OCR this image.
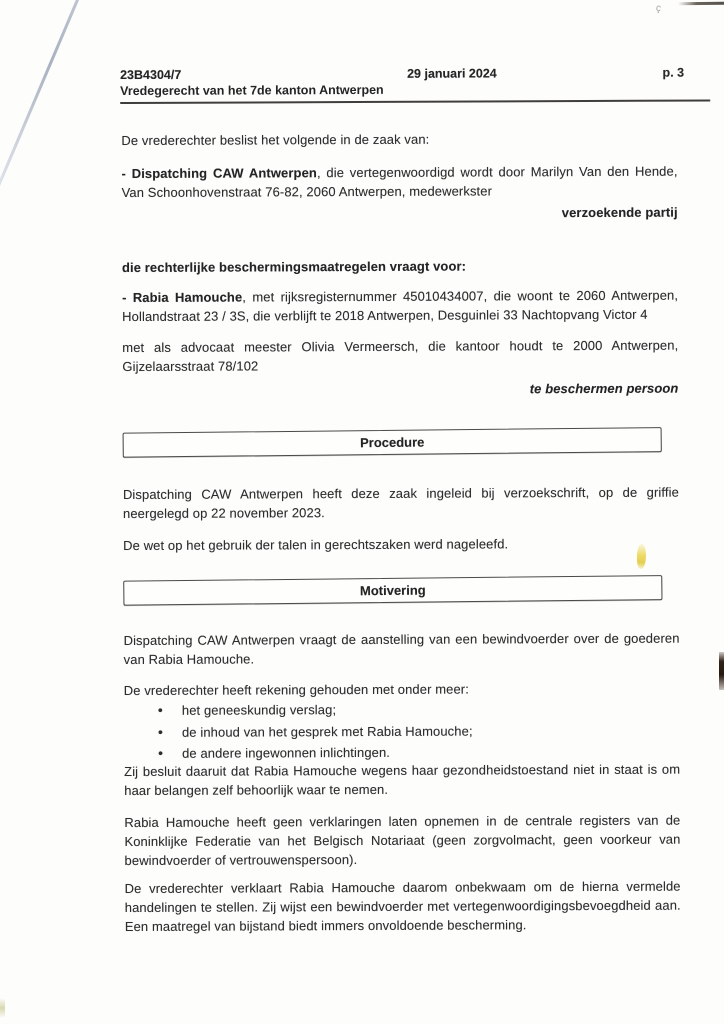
ç
23B4304/7	29 januari 2024	p. 3
Vredegerecht van het 7de kanton Antwerpen
De vrederechter beslist het volgende in de zaak van:
- Dispatching CAW Antwerpen, die vertegenwoordigd wordt door Marilyn Van den Hende, Van Schoonhovenstraat 76-82, 2060 Antwerpen, medewerkster
verzoekende partij
die rechterlijke beschermingsmaatregelen vraagt voor:
- Rabia Hamouche, met rijksregisternummer 45010434007, die woont te 2060 Antwerpen, Hollandstraat 23 / 3S, die verblijft te 2018 Antwerpen, Desguinlei 33 Nachtopvang Victor 4
met als advocaat meester Olivia Vermeersch, die kantoor houdt te 2000 Antwerpen, Gijzelaarsstraat 78/102
te beschermen persoon
Procedure
Dispatching CAW Antwerpen heeft deze zaak ingeleid bij verzoekschrift, op de griffie neergelegd op 22 november 2023.
De wet op het gebruik der talen in gerechtszaken werd nageleefd.
Motivering
Dispatching CAW Antwerpen vraagt de aanstelling van een bewindvoerder over de goederen van Rabia Hamouche.
De vrederechter heeft rekening gehouden met onder meer:
• het geneeskundig verslag;
• de inhoud van het gesprek met Rabia Hamouche;
• de andere ingewonnen inlichtingen.
Zij besluit daaruit dat Rabia Hamouche wegens haar gezondheidstoestand niet in staat is om haar belangen zelf behoorlijk waar te nemen.
Rabia Hamouche heeft geen verklaringen laten opnemen in de centrale registers van de Koninklijke Federatie van het Belgisch Notariaat (geen zorgvolmacht, geen voorkeur van bewindvoerder of vertrouwenspersoon).
De vrederechter verklaart Rabia Hamouche daarom onbekwaam om de hierna vermelde handelingen te stellen. Zij wijst een bewindvoerder met vertegenwoordigingsbevoegdheid aan. Een maatregel van bijstand biedt immers onvoldoende bescherming.
